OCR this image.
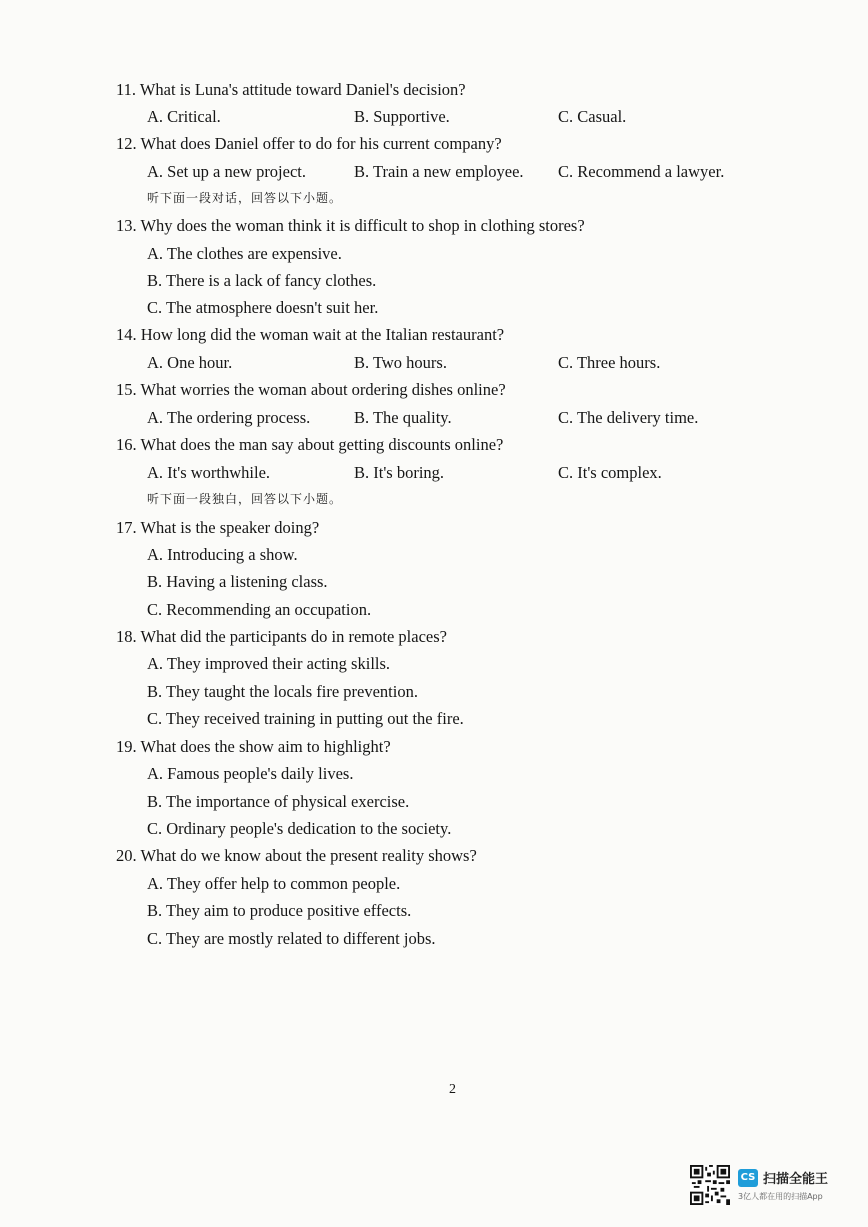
11. What is Luna's attitude toward Daniel's decision?
A. Critical.	B. Supportive.	C. Casual.
12. What does Daniel offer to do for his current company?
A. Set up a new project.	B. Train a new employee. C. Recommend a lawyer.
听下面一段对话，回答以下小题。
13. Why does the woman think it is difficult to shop in clothing stores?
A. The clothes are expensive.
B. There is a lack of fancy clothes.
C. The atmosphere doesn't suit her.
14. How long did the woman wait at the Italian restaurant?
A. One hour.	B. Two hours.	C. Three hours.
15. What worries the woman about ordering dishes online?
A. The ordering process.	B. The quality.	C. The delivery time.
16. What does the man say about getting discounts online?
A. It's worthwhile.	B. It's boring.	C. It's complex.
听下面一段独白，回答以下小题。
17. What is the speaker doing?
A. Introducing a show.
B. Having a listening class.
C. Recommending an occupation.
18. What did the participants do in remote places?
A. They improved their acting skills.
B. They taught the locals fire prevention.
C. They received training in putting out the fire.
19. What does the show aim to highlight?
A. Famous people's daily lives.
B. The importance of physical exercise.
C. Ordinary people's dedication to the society.
20. What do we know about the present reality shows?
A. They offer help to common people.
B. They aim to produce positive effects.
C. They are mostly related to different jobs.
2
CS 扫描全能王
3亿人都在用的扫描App
